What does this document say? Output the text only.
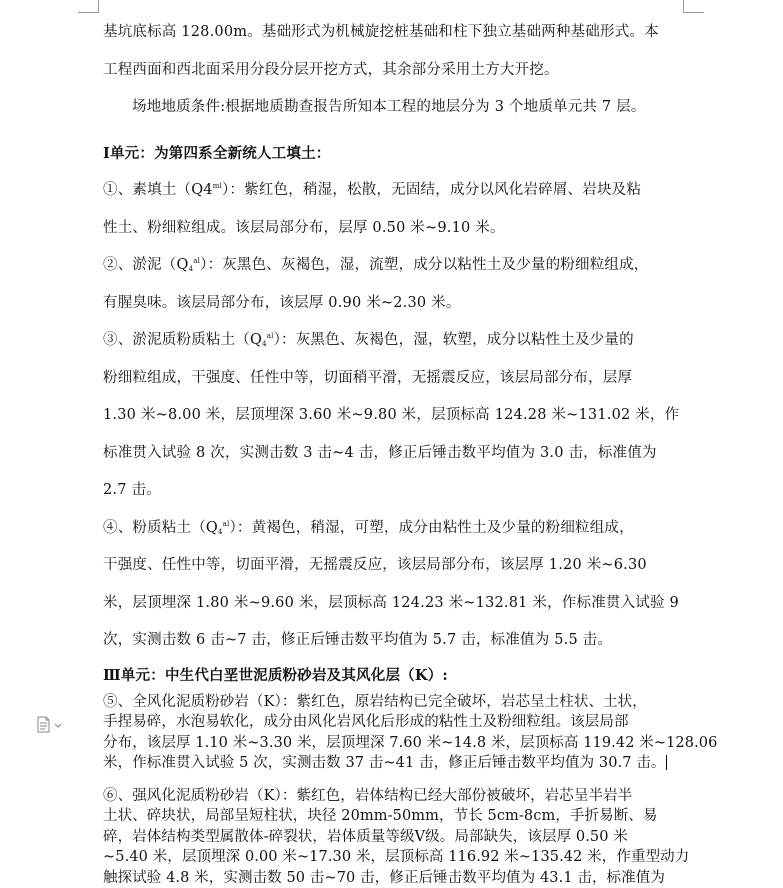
基坑底标高 128.00m。基础形式为机械旋挖桩基础和柱下独立基础两种基础形式。本
工程西面和西北面采用分段分层开挖方式，其余部分采用土方大开挖。
场地地质条件:根据地质勘查报告所知本工程的地层分为 3 个地质单元共 7 层。
Ⅰ单元：为第四系全新统人工填土：
①、素填土$(Q4^{ml})$：紫红色，稍湿，松散，无固结，成分以风化岩碎屑、岩块及粘
性土、粉细粒组成。该层局部分布，层厚 0.50 米~9.10 米。
②、淤泥$(Q_4^{al})$：灰黑色、灰褐色，湿，流塑，成分以粘性土及少量的粉细粒组成，
有腥臭味。该层局部分布，该层厚 0.90 米~2.30 米。
③、淤泥质粉质粘土$(Q_4^{al})$：灰黑色、灰褐色，湿，软塑，成分以粘性土及少量的
粉细粒组成，干强度、任性中等，切面稍平滑，无摇震反应，该层局部分布，层厚
1.30 米~8.00 米，层顶埋深 3.60 米~9.80 米，层顶标高 124.28 米~131.02 米，作
标准贯入试验 8 次，实测击数 3 击~4 击，修正后锤击数平均值为 3.0 击，标准值为
2.7 击。
④、粉质粘土$(Q_4^{al})$：黄褐色，稍湿，可塑，成分由粘性土及少量的粉细粒组成，
干强度、任性中等，切面平滑，无摇震反应，该层局部分布，该层厚 1.20 米~6.30
米，层顶埋深 1.80 米~9.60 米，层顶标高 124.23 米~132.81 米，作标准贯入试验 9
次，实测击数 6 击~7 击，修正后锤击数平均值为 5.7 击，标准值为 5.5 击。
Ⅲ单元：中生代白垩世泥质粉砂岩及其风化层（K）:
⑤、全风化泥质粉砂岩（K）：紫红色，原岩结构已完全破坏，岩芯呈土柱状、土状，
手捏易碎，水泡易软化，成分由风化岩风化后形成的粘性土及粉细粒组。该层局部
分布，该层厚 1.10 米~3.30 米，层顶埋深 7.60 米~14.8 米，层顶标高 119.42 米~128.06
米，作标准贯入试验 5 次，实测击数 37 击~41 击，修正后锤击数平均值为 30.7 击。
⑥、强风化泥质粉砂岩（K）：紫红色，岩体结构已经大部份被破坏，岩芯呈半岩半
土状、碎块状，局部呈短柱状，块径 20mm-50mm，节长 5cm-8cm，手折易断、易
碎，岩体结构类型属散体-碎裂状，岩体质量等级Ⅴ级。局部缺失，该层厚 0.50 米
~5.40 米，层顶埋深 0.00 米~17.30 米，层顶标高 116.92 米~135.42 米，作重型动力
触探试验 4.8 米，实测击数 50 击~70 击，修正后锤击数平均值为 43.1 击，标准值为
